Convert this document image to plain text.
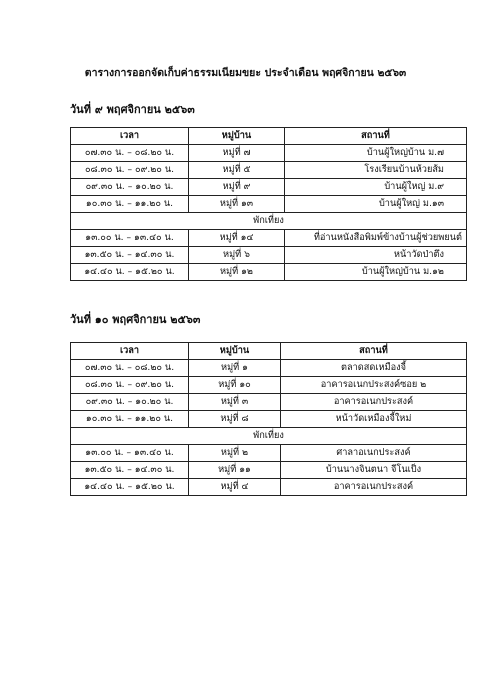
ตารางการออกจัดเก็บค่าธรรมเนียมขยะ ประจำเดือน พฤศจิกายน ๒๕๖๓
วันที่ ๙ พฤศจิกายน ๒๕๖๓
เวลา	หมู่บ้าน	สถานที่
๐๗.๓๐ น. – ๐๘.๒๐ น.	หมู่ที่ ๗	บ้านผู้ใหญ่บ้าน ม.๗
๐๘.๓๐ น. – ๐๙.๒๐ น.	หมู่ที่ ๕	โรงเรียนบ้านห้วยส้ม
๐๙.๓๐ น. – ๑๐.๒๐ น.	หมู่ที่ ๙	บ้านผู้ใหญ่ ม.๙
๑๐.๓๐ น. – ๑๑.๒๐ น.	หมู่ที่ ๑๓	บ้านผู้ใหญ่ ม.๑๓
พักเที่ยง		
๑๓.๐๐ น. – ๑๓.๔๐ น.	หมู่ที่ ๑๔	ที่อ่านหนังสือพิมพ์ข้างบ้านผู้ช่วยพยนต์
๑๓.๕๐ น. – ๑๔.๓๐ น.	หมู่ที่ ๖	หน้าวัดป่าตึง
๑๔.๔๐ น. – ๑๕.๒๐ น.	หมู่ที่ ๑๒	บ้านผู้ใหญ่บ้าน ม.๑๒
วันที่ ๑๐ พฤศจิกายน ๒๕๖๓
เวลา	หมู่บ้าน	สถานที่
๐๗.๓๐ น. – ๐๘.๒๐ น.	หมู่ที่ ๑	ตลาดสดเหมืองจี้
๐๘.๓๐ น. – ๐๙.๒๐ น.	หมู่ที่ ๑๐	อาคารอเนกประสงค์ซอย ๒
๐๙.๓๐ น. – ๑๐.๒๐ น.	หมู่ที่ ๓	อาคารอเนกประสงค์
๑๐.๓๐ น. – ๑๑.๒๐ น.	หมู่ที่ ๘	หน้าวัดเหมืองจี้ใหม่
พักเที่ยง		
๑๓.๐๐ น. – ๑๓.๔๐ น.	หมู่ที่ ๒	ศาลาอเนกประสงค์
๑๓.๕๐ น. – ๑๔.๓๐ น.	หมู่ที่ ๑๑	บ้านนางจินตนา จีโนเป็ง
๑๔.๔๐ น. – ๑๕.๒๐ น.	หมู่ที่ ๔	อาคารอเนกประสงค์
